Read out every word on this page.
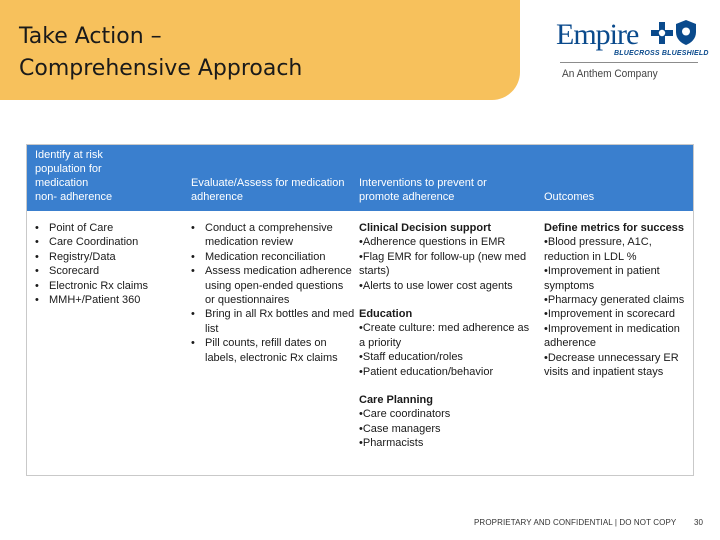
Take Action –
Comprehensive Approach
Empire
BLUECROSS BLUESHIELD
An Anthem Company
Identify at risk
population for
medication
non- adherence
Evaluate/Assess for medication adherence
Interventions to prevent or promote adherence	Outcomes
• Point of Care
• Care Coordination
• Registry/Data
• Scorecard
• Electronic Rx claims
• MMH+/Patient 360
• Conduct a comprehensive medication review
• Medication reconciliation
• Assess medication adherence using open-ended questions or questionnaires
• Bring in all Rx bottles and med list
• Pill counts, refill dates on labels, electronic Rx claims
Clinical Decision support
•Adherence questions in EMR
•Flag EMR for follow-up (new med starts)
•Alerts to use lower cost agents
Education
•Create culture: med adherence as a priority
•Staff education/roles
•Patient education/behavior
Care Planning
•Care coordinators
•Case managers
•Pharmacists
Define metrics for success
•Blood pressure, A1C, reduction in LDL %
•Improvement in patient symptoms
•Pharmacy generated claims
•Improvement in scorecard
•Improvement in medication adherence
•Decrease unnecessary ER visits and inpatient stays
PROPRIETARY AND CONFIDENTIAL | DO NOT COPY 30
